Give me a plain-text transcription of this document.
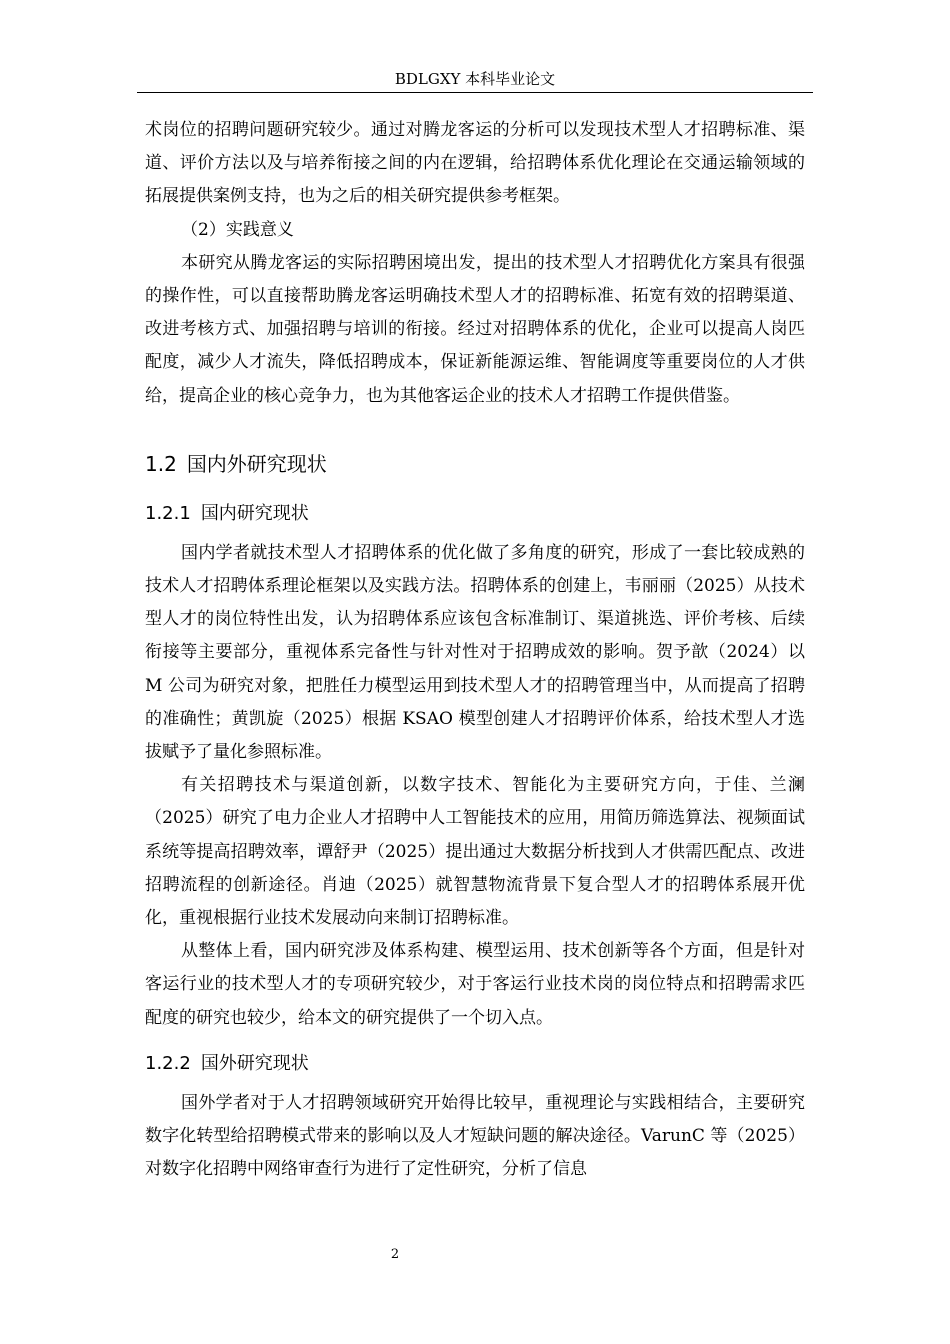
BDLGXY 本科毕业论文

术岗位的招聘问题研究较少。通过对腾龙客运的分析可以发现技术型人才招聘标准、渠道、评价方法以及与培养衔接之间的内在逻辑，给招聘体系优化理论在交通运输领域的拓展提供案例支持，也为之后的相关研究提供参考框架。

（2）实践意义

本研究从腾龙客运的实际招聘困境出发，提出的技术型人才招聘优化方案具有很强的操作性，可以直接帮助腾龙客运明确技术型人才的招聘标准、拓宽有效的招聘渠道、改进考核方式、加强招聘与培训的衔接。经过对招聘体系的优化，企业可以提高人岗匹配度，减少人才流失，降低招聘成本，保证新能源运维、智能调度等重要岗位的人才供给，提高企业的核心竞争力，也为其他客运企业的技术人才招聘工作提供借鉴。

1.2 国内外研究现状
1.2.1 国内研究现状

国内学者就技术型人才招聘体系的优化做了多角度的研究，形成了一套比较成熟的技术人才招聘体系理论框架以及实践方法。招聘体系的创建上，韦丽丽（2025）从技术型人才的岗位特性出发，认为招聘体系应该包含标准制订、渠道挑选、评价考核、后续衔接等主要部分，重视体系完备性与针对性对于招聘成效的影响。贺予歆（2024）以 M 公司为研究对象，把胜任力模型运用到技术型人才的招聘管理当中，从而提高了招聘的准确性；黄凯旋（2025）根据 KSAO 模型创建人才招聘评价体系，给技术型人才选拔赋予了量化参照标准。

有关招聘技术与渠道创新，以数字技术、智能化为主要研究方向，于佳、兰澜（2025）研究了电力企业人才招聘中人工智能技术的应用，用简历筛选算法、视频面试系统等提高招聘效率，谭舒尹（2025）提出通过大数据分析找到人才供需匹配点、改进招聘流程的创新途径。肖迪（2025）就智慧物流背景下复合型人才的招聘体系展开优化，重视根据行业技术发展动向来制订招聘标准。

从整体上看，国内研究涉及体系构建、模型运用、技术创新等各个方面，但是针对客运行业的技术型人才的专项研究较少，对于客运行业技术岗的岗位特点和招聘需求匹配度的研究也较少，给本文的研究提供了一个切入点。

1.2.2 国外研究现状

国外学者对于人才招聘领域研究开始得比较早，重视理论与实践相结合，主要研究数字化转型给招聘模式带来的影响以及人才短缺问题的解决途径。VarunC 等（2025）对数字化招聘中网络审查行为进行了定性研究，分析了信息

2
